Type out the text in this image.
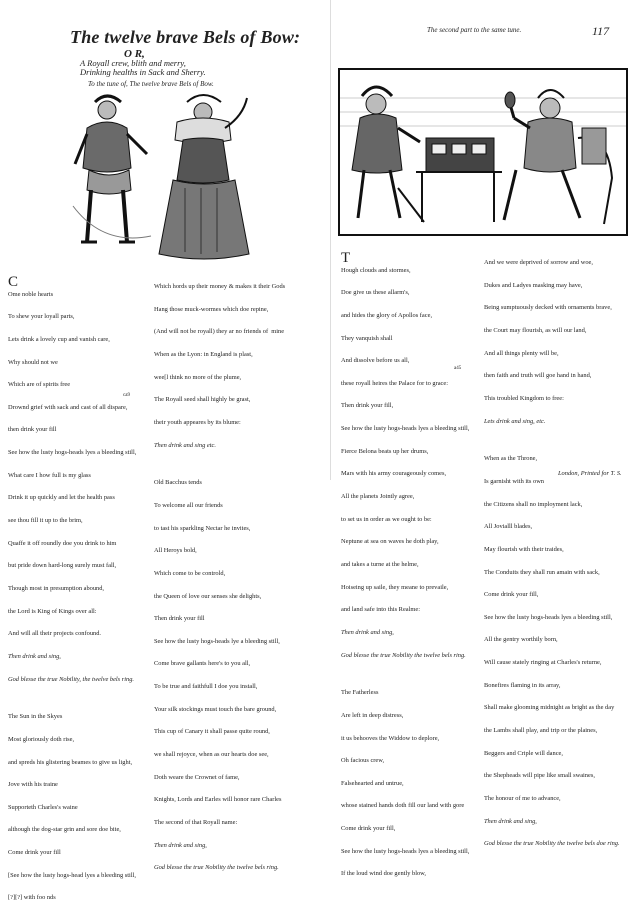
The twelve brave Bels of Bow:
O R,
A Royall crew, blith and merry,
Drinking healths in Sack and Sherry.
To the tune of, The twelve brave Bels of Bow.
The second part to the same tune.	117

C

Ome noble hearts

To shew your loyall parts,

Lets drink a lovely cup and vanish care,

Why should not we

Which are of spirits free

Drownd grief with sack and cast of all dispare,

then drink your fill

See how the lusty hogs-heads lyes a bleeding still,

What care I how full is my glass

Drink it up quickly and let the health pass

see thou fill it up to the brim,

Quaffe it off roundly doe you drink to him

but pride down hard-long surely must fall,

Though most in presumption abound,

the Lord is King of Kings over all:

And will all their projects confound.

Then drink and sing,

God blesse the true Nobility, the twelve bels ring.

The Sun in the Skyes

Most gloriously doth rise,

and spreds his glistering beames to give us light,

Jove with his traine

Supporteth Charles's waine

although the dog-star grin and sore doe bite,

Come drink your fill

[See how the lusty hogs-head lyes a bleeding still,

[?][?] with foo nds

Which hords up their money & makes it their Gods

Hang those muck-wormes which doe repine,

(And will not be royall) they ar no friends of  mine

When as the Lyon: in England is plast,

wee[l think no more of the plume,

The Royall seed shall highly be grast,

their youth appeares by its blume:

Then drink and sing etc.

Old Bacchus tends

To welcome all our friends

to tast his sparkling Nectar he invites,

All Heroys bold,

Which come to be controld,

the Queen of love our senses she delights,

Then drink your fill

See how the lusty hogs-heads lye a bleeding still,

Come brave gallants here's to you all,

To be true and faithfull I doe you install,

Your silk stockings must touch the bare ground,

This cup of Canary it shall passe quite round,

we shall rejoyce, when as our hearts doe see,

Doth weare the Crownet of fame,

Knights, Lords and Earles will honor rare Charles

The second of that Royall name:

Then drink and sing,

God blesse the true Nobility the twelve bels ring.

T

Hough clouds and stormes,

Doe give us these allarm's,

and hides the glory of Apollos face,

They vanquish shall

And dissolve before us all,

these royall heires the Palace for to grace:

Then drink your fill,

See how the lusty hogs-heads lyes a bleeding still,

Fierce Belona beats up her drums,

Mars with his army courageously comes,

All the planets Jointly agree,

to set us in order as we ought to be:

Neptune at sea on waves he doth play,

and takes a turne at the helme,

Hoiseing up saile, they meane to prevaile,

and land safe into this Realme:

Then drink and sing,

God blesse the true Nobility the twelve bels ring.

The Fatherless

Are left in deep distress,

it us behooves the Widdow to deplore,

Oh facious crew,

Falsehearted and untrue,

whose stained hands doth fill our land with gore

Come drink your fill,

See how the lusty hogs-heads lyes a bleeding still,

If the loud wind doe gently blow,

And we were deprived of sorrow and woe,

Dukes and Ladyes masking may have,

Being sumptuously decked with ornaments brave,

the Court may flourish, as will our land,

And all things plenty will be,

then faith and truth will goe hand in hand,

This troubled Kingdom to free:

Lets drink and sing, etc.

When as the Throne,

Is garnisht with its own

the Citizens shall no imployment lack,

All Jovialll blades,

May flourish with their traides,

The Conduits they shall run amain with sack,

Come drink your fill,

See how the lusty hogs-heads lyes a bleeding still,

All the gentry worthily born,

Will cause stately ringing at Charles's returne,

Bonefires flaming in its array,

Shall make glooming midnight as bright as the day

the Lambs shall play, and trip or the plaines,

Beggers and Criple will dance,

the Shepheads will pipe like small swaines,

The honour of me to advance,

Then drink and sing,

God blesse the true Nobility the twelve bels doe ring.

London, Printed for T. S.
ca9
a45
